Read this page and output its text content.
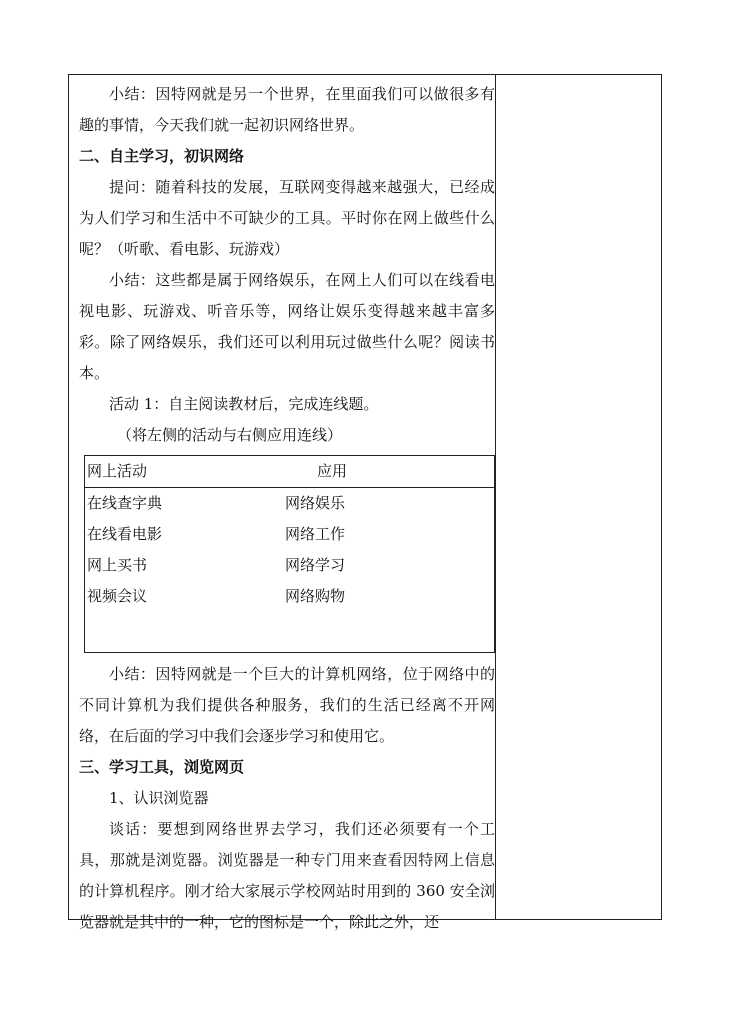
小结：因特网就是另一个世界，在里面我们可以做很多有趣的事情，今天我们就一起初识网络世界。

二、自主学习，初识网络

提问：随着科技的发展，互联网变得越来越强大，已经成为人们学习和生活中不可缺少的工具。平时你在网上做些什么呢？（听歌、看电影、玩游戏）

小结：这些都是属于网络娱乐，在网上人们可以在线看电视电影、玩游戏、听音乐等，网络让娱乐变得越来越丰富多彩。除了网络娱乐，我们还可以利用玩过做些什么呢？阅读书本。

活动 1：自主阅读教材后，完成连线题。

（将左侧的活动与右侧应用连线）

网上活动	应用
在线查字典	网络娱乐
在线看电影	网络工作
网上买书	网络学习
视频会议	网络购物

小结：因特网就是一个巨大的计算机网络，位于网络中的不同计算机为我们提供各种服务，我们的生活已经离不开网络，在后面的学习中我们会逐步学习和使用它。

三、学习工具，浏览网页

1、认识浏览器

谈话：要想到网络世界去学习，我们还必须要有一个工具，那就是浏览器。浏览器是一种专门用来查看因特网上信息的计算机程序。刚才给大家展示学校网站时用到的 360 安全浏览器就是其中的一种，它的图标是一个，除此之外，还
